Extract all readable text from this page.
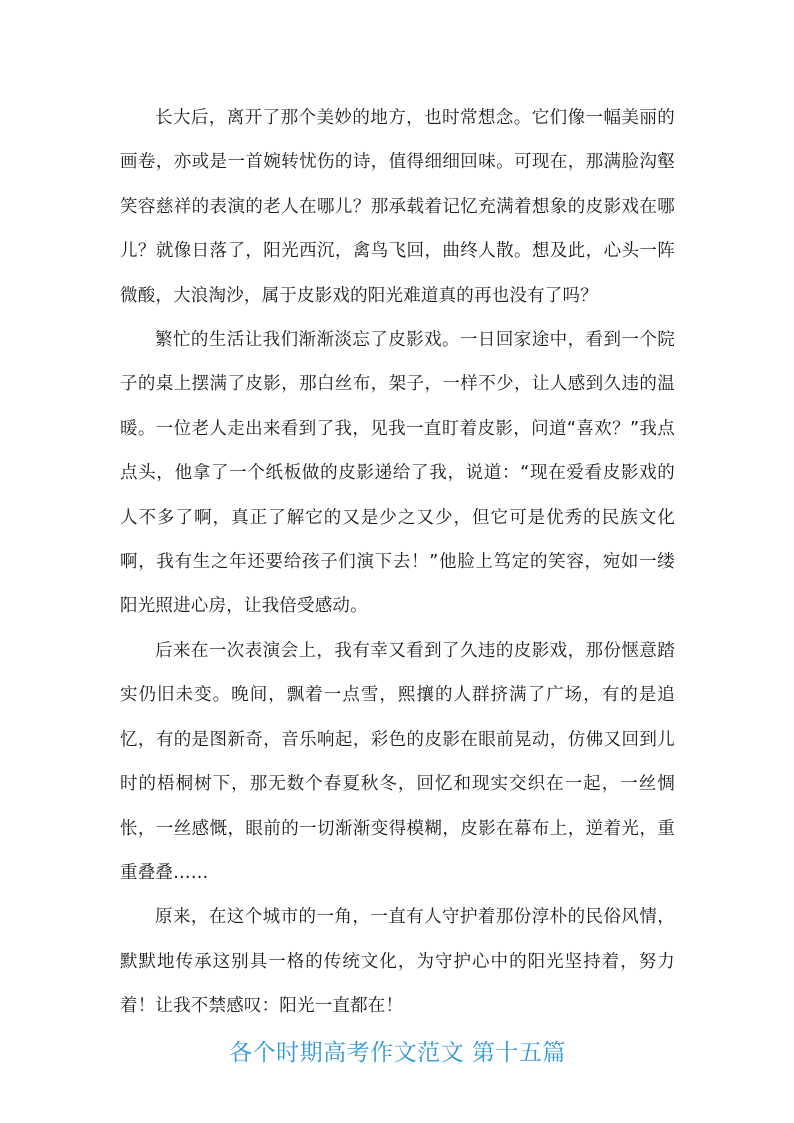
长大后，离开了那个美妙的地方，也时常想念。它们像一幅美丽的画卷，亦或是一首婉转忧伤的诗，值得细细回味。可现在，那满脸沟壑笑容慈祥的表演的老人在哪儿？那承载着记忆充满着想象的皮影戏在哪儿？就像日落了，阳光西沉，禽鸟飞回，曲终人散。想及此，心头一阵微酸，大浪淘沙，属于皮影戏的阳光难道真的再也没有了吗？

繁忙的生活让我们渐渐淡忘了皮影戏。一日回家途中，看到一个院子的桌上摆满了皮影，那白丝布，架子，一样不少，让人感到久违的温暖。一位老人走出来看到了我，见我一直盯着皮影，问道“喜欢？”我点点头，他拿了一个纸板做的皮影递给了我，说道：“现在爱看皮影戏的人不多了啊，真正了解它的又是少之又少，但它可是优秀的民族文化啊，我有生之年还要给孩子们演下去！”他脸上笃定的笑容，宛如一缕阳光照进心房，让我倍受感动。

后来在一次表演会上，我有幸又看到了久违的皮影戏，那份惬意踏实仍旧未变。晚间，飘着一点雪，熙攘的人群挤满了广场，有的是追忆，有的是图新奇，音乐响起，彩色的皮影在眼前晃动，仿佛又回到儿时的梧桐树下，那无数个春夏秋冬，回忆和现实交织在一起，一丝惆怅，一丝感慨，眼前的一切渐渐变得模糊，皮影在幕布上，逆着光，重重叠叠……

原来，在这个城市的一角，一直有人守护着那份淳朴的民俗风情，默默地传承这别具一格的传统文化，为守护心中的阳光坚持着，努力着！让我不禁感叹：阳光一直都在！

各个时期高考作文范文 第十五篇
